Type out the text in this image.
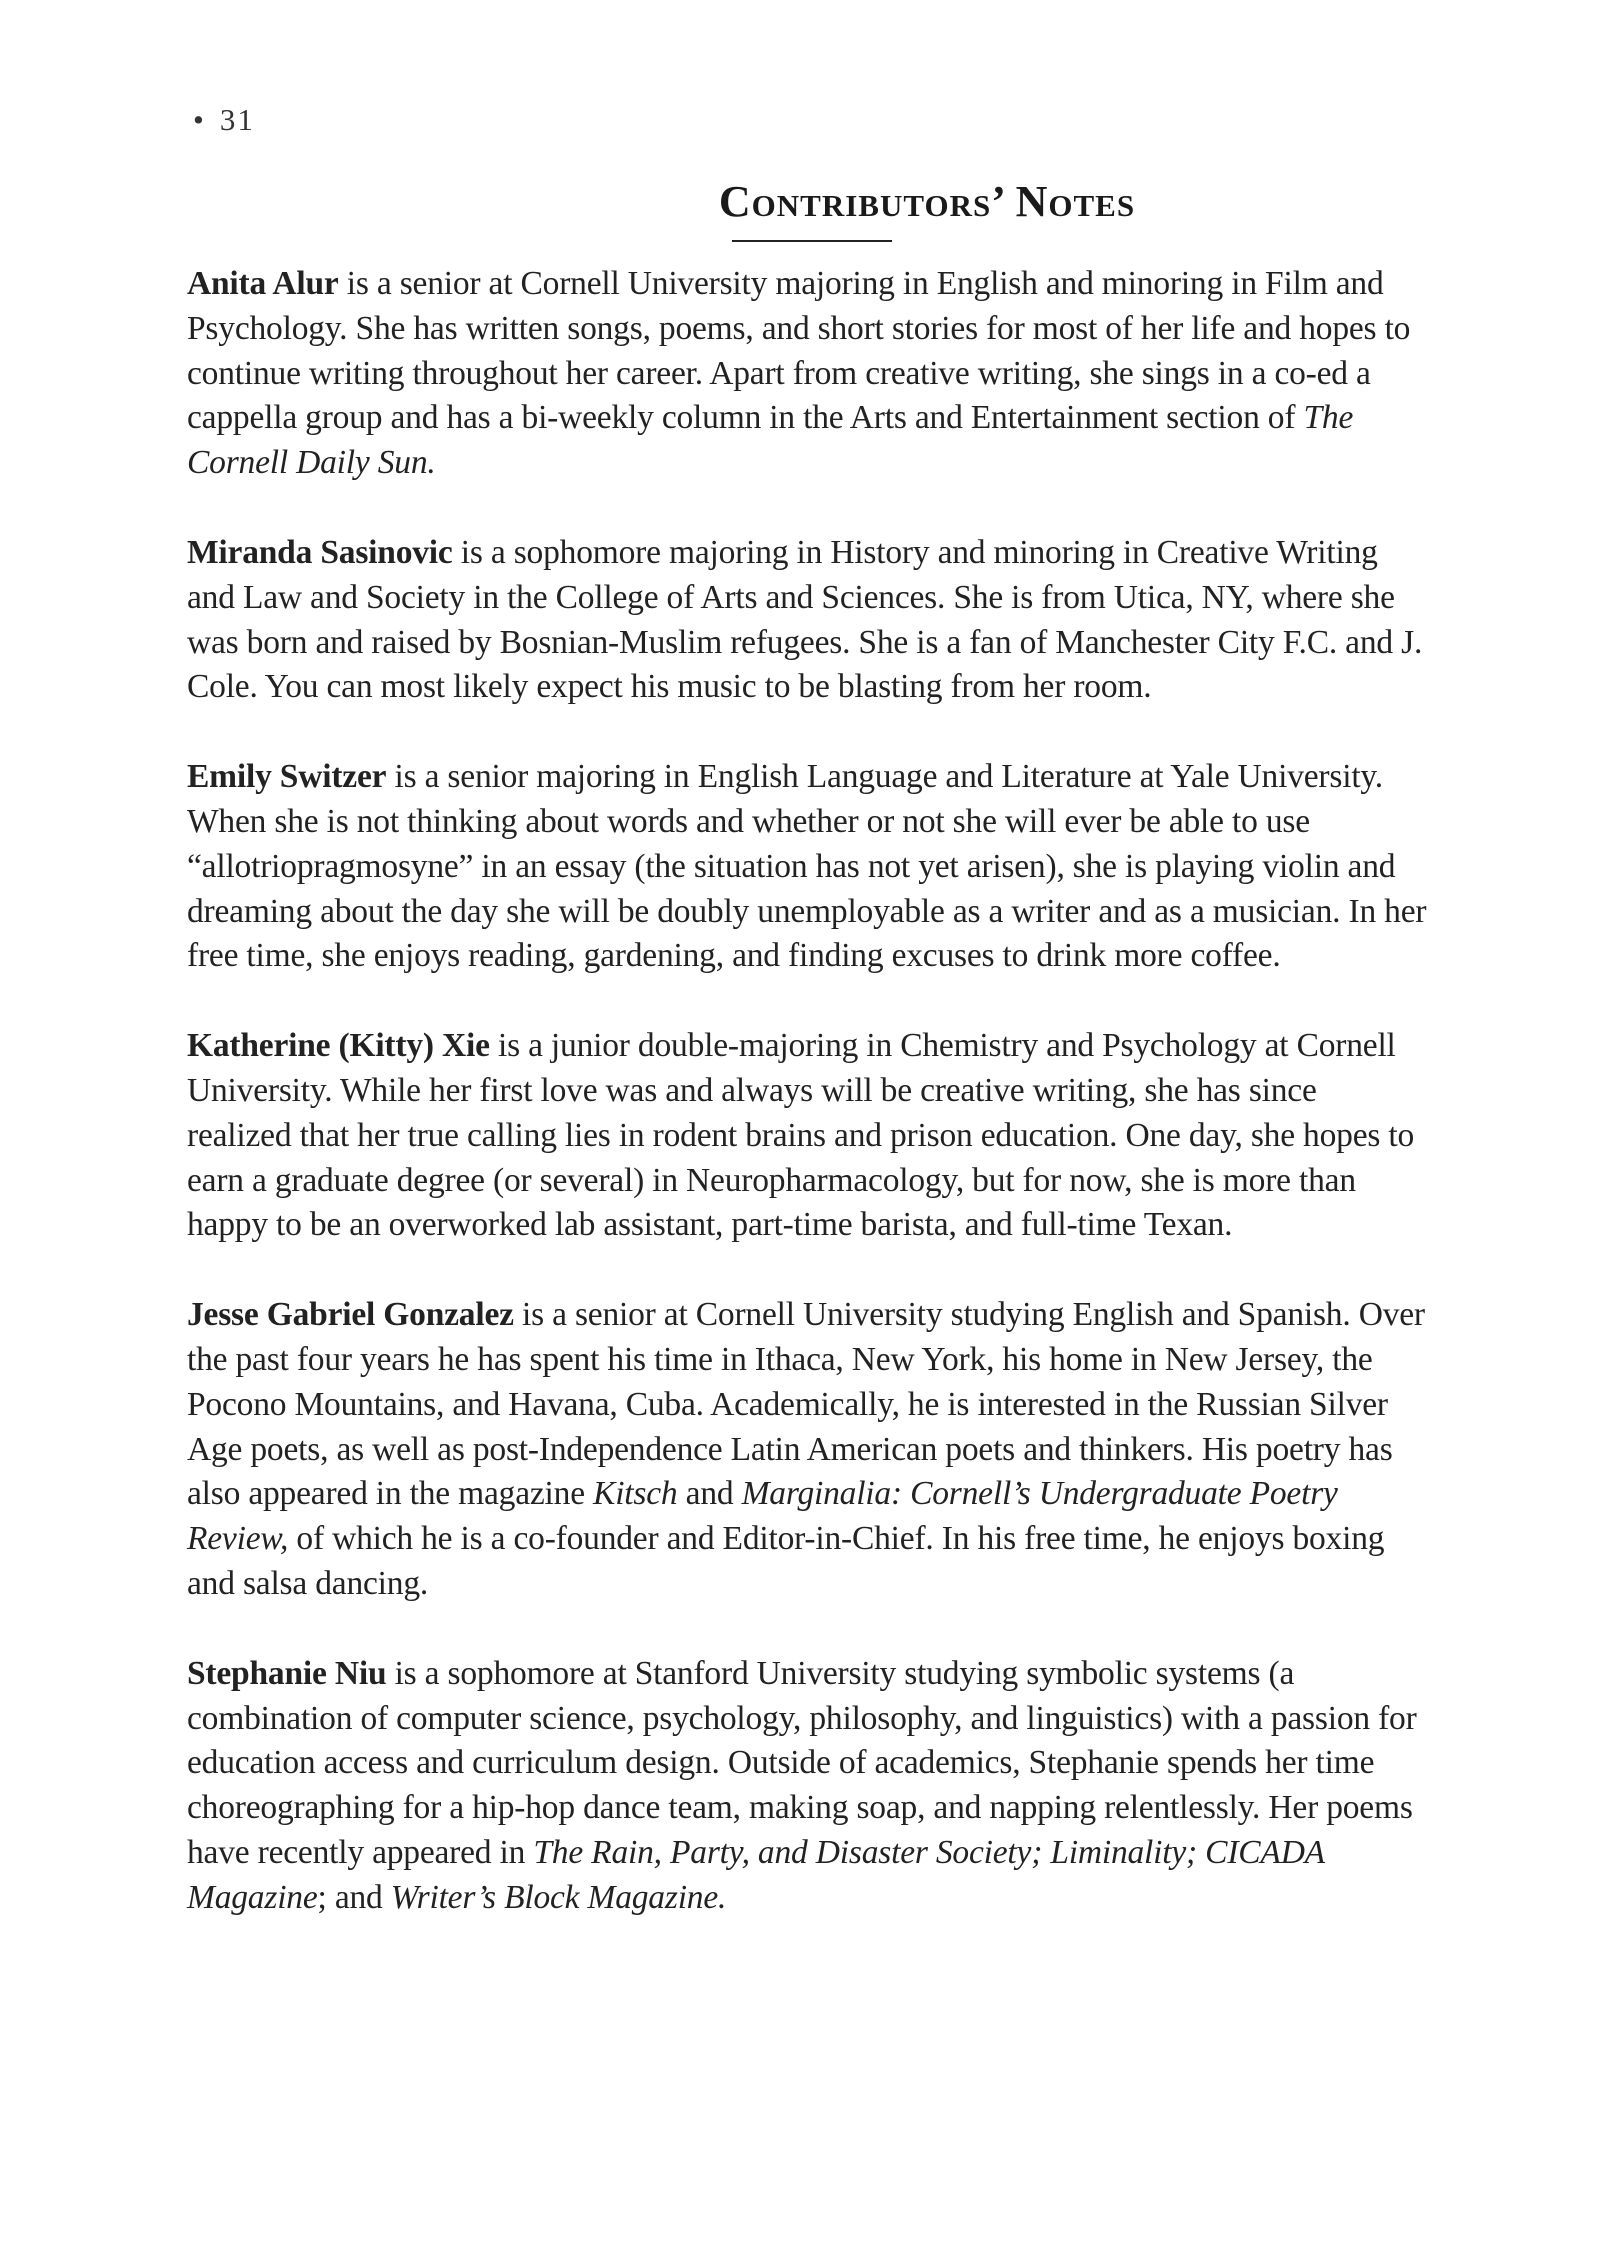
• 31
Contributors’ Notes

Anita Alur is a senior at Cornell University majoring in English and minoring in Film and Psychology. She has written songs, poems, and short stories for most of her life and hopes to continue writing throughout her career. Apart from creative writing, she sings in a co-ed a cappella group and has a bi-weekly column in the Arts and Entertainment section of The Cornell Daily Sun.

Miranda Sasinovic is a sophomore majoring in History and minoring in Creative Writing and Law and Society in the College of Arts and Sciences. She is from Utica, NY, where she was born and raised by Bosnian-Muslim refugees. She is a fan of Manchester City F.C. and J. Cole. You can most likely expect his music to be blasting from her room.

Emily Switzer is a senior majoring in English Language and Literature at Yale University. When she is not thinking about words and whether or not she will ever be able to use “allotriopragmosyne” in an essay (the situation has not yet arisen), she is playing violin and dreaming about the day she will be doubly unemployable as a writer and as a musician. In her free time, she enjoys reading, gardening, and finding excuses to drink more coffee.

Katherine (Kitty) Xie is a junior double-majoring in Chemistry and Psychology at Cornell University. While her first love was and always will be creative writing, she has since realized that her true calling lies in rodent brains and prison education. One day, she hopes to earn a graduate degree (or several) in Neuropharmacology, but for now, she is more than happy to be an overworked lab assistant, part-time barista, and full-time Texan.

Jesse Gabriel Gonzalez is a senior at Cornell University studying English and Spanish. Over the past four years he has spent his time in Ithaca, New York, his home in New Jersey, the Pocono Mountains, and Havana, Cuba. Academically, he is interested in the Russian Silver Age poets, as well as post-Independence Latin American poets and thinkers. His poetry has also appeared in the magazine Kitsch and Marginalia: Cornell’s Undergraduate Poetry Review, of which he is a co-founder and Editor-in-Chief. In his free time, he enjoys boxing and salsa dancing.

Stephanie Niu is a sophomore at Stanford University studying symbolic systems (a combination of computer science, psychology, philosophy, and linguistics) with a passion for education access and curriculum design. Outside of academics, Stephanie spends her time choreographing for a hip-hop dance team, making soap, and napping relentlessly. Her poems have recently appeared in The Rain, Party, and Disaster Society; Liminality; CICADA Magazine; and Writer’s Block Magazine.
